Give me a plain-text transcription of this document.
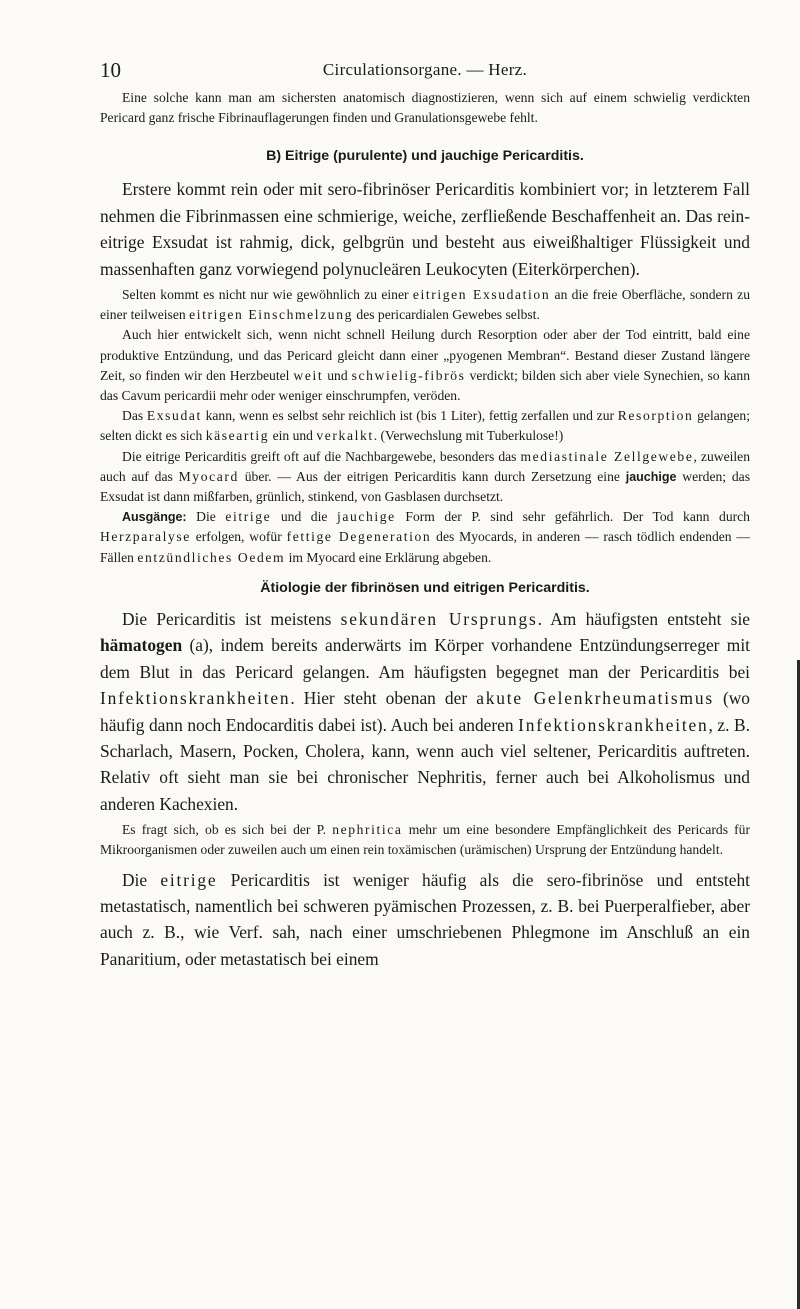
10	Circulationsorgane. — Herz.

Eine solche kann man am sichersten anatomisch diagnostizieren, wenn sich auf einem schwielig verdickten Pericard ganz frische Fibrinauflagerungen finden und Granulationsgewebe fehlt.

B) Eitrige (purulente) und jauchige Pericarditis.

Erstere kommt rein oder mit sero-fibrinöser Pericarditis kombiniert vor; in letzterem Fall nehmen die Fibrinmassen eine schmierige, weiche, zerfließende Beschaffenheit an. Das rein-eitrige Exsudat ist rahmig, dick, gelbgrün und besteht aus eiweißhaltiger Flüssigkeit und massenhaften ganz vorwiegend polynucleären Leukocyten (Eiterkörperchen).

Selten kommt es nicht nur wie gewöhnlich zu einer eitrigen Exsudation an die freie Oberfläche, sondern zu einer teilweisen eitrigen Einschmelzung des pericardialen Gewebes selbst.

Auch hier entwickelt sich, wenn nicht schnell Heilung durch Resorption oder aber der Tod eintritt, bald eine produktive Entzündung, und das Pericard gleicht dann einer „pyogenen Membran“. Bestand dieser Zustand längere Zeit, so finden wir den Herzbeutel weit und schwielig-fibrös verdickt; bilden sich aber viele Synechien, so kann das Cavum pericardii mehr oder weniger einschrumpfen, veröden.

Das Exsudat kann, wenn es selbst sehr reichlich ist (bis 1 Liter), fettig zerfallen und zur Resorption gelangen; selten dickt es sich käseartig ein und verkalkt. (Verwechslung mit Tuberkulose!)

Die eitrige Pericarditis greift oft auf die Nachbargewebe, besonders das mediastinale Zellgewebe, zuweilen auch auf das Myocard über. — Aus der eitrigen Pericarditis kann durch Zersetzung eine jauchige werden; das Exsudat ist dann mißfarben, grünlich, stinkend, von Gasblasen durchsetzt.

Ausgänge: Die eitrige und die jauchige Form der P. sind sehr gefährlich. Der Tod kann durch Herzparalyse erfolgen, wofür fettige Degeneration des Myocards, in anderen — rasch tödlich endenden — Fällen entzündliches Oedem im Myocard eine Erklärung abgeben.

Ätiologie der fibrinösen und eitrigen Pericarditis.

Die Pericarditis ist meistens sekundären Ursprungs. Am häufigsten entsteht sie hämatogen (a), indem bereits anderwärts im Körper vorhandene Entzündungserreger mit dem Blut in das Pericard gelangen. Am häufigsten begegnet man der Pericarditis bei Infektionskrankheiten. Hier steht obenan der akute Gelenkrheumatismus (wo häufig dann noch Endocarditis dabei ist). Auch bei anderen Infektionskrankheiten, z. B. Scharlach, Masern, Pocken, Cholera, kann, wenn auch viel seltener, Pericarditis auftreten. Relativ oft sieht man sie bei chronischer Nephritis, ferner auch bei Alkoholismus und anderen Kachexien.

Es fragt sich, ob es sich bei der P. nephritica mehr um eine besondere Empfänglichkeit des Pericards für Mikroorganismen oder zuweilen auch um einen rein toxämischen (urämischen) Ursprung der Entzündung handelt.

Die eitrige Pericarditis ist weniger häufig als die sero-fibrinöse und entsteht metastatisch, namentlich bei schweren pyämischen Prozessen, z. B. bei Puerperalfieber, aber auch z. B., wie Verf. sah, nach einer umschriebenen Phlegmone im Anschluß an ein Panaritium, oder metastatisch bei einem
